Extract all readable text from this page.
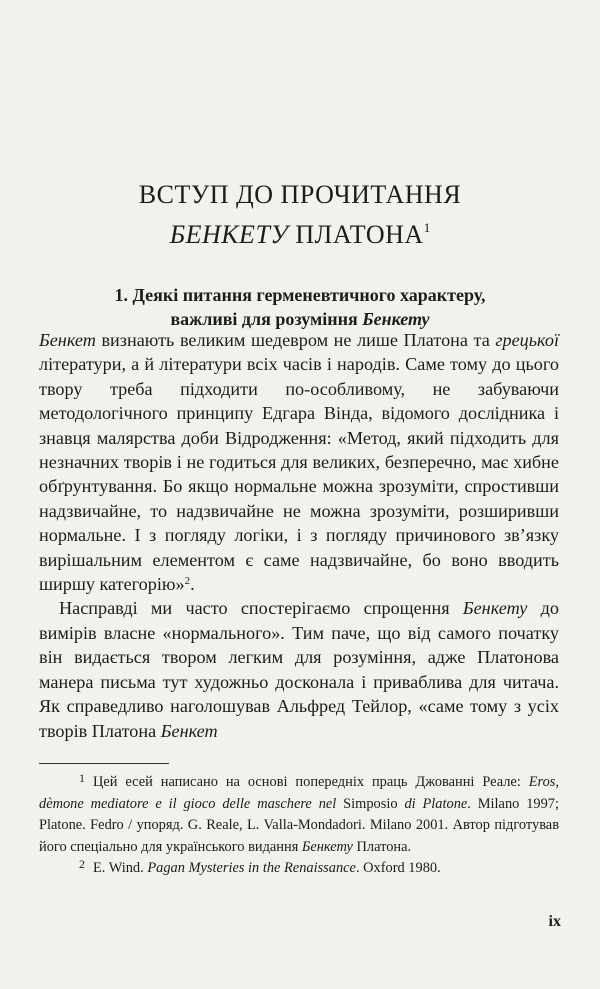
ВСТУП ДО ПРОЧИТАННЯ
БЕНКЕТУ ПЛАТОНА$^1$
1. Деякі питання герменевтичного характеру,
важливі для розуміння Бенкету

Бенкет визнають великим шедевром не лише Платона та грецької літератури, а й літератури всіх часів і народів. Саме тому до цього твору треба підходити по-особливому, не забуваючи методологічного принципу Едгара Вінда, відомого дослідника і знавця малярства доби Відродження: «Метод, який підходить для незначних творів і не годиться для великих, безперечно, має хибне обґрунтування. Бо якщо нормальне можна зрозуміти, спростивши надзвичайне, то надзвичайне не можна зрозуміти, розширивши нормальне. І з погляду логіки, і з погляду причинового зв’язку вирішальним елементом є саме надзвичайне, бо воно вводить ширшу категорію»$^2$.

Насправді ми часто спостерігаємо спрощення Бенкету до вимірів власне «нормального». Тим паче, що від самого початку він видається твором легким для розуміння, адже Платонова манера письма тут художньо досконала і приваблива для читача. Як справедливо наголошував Альфред Тейлор, «саме тому з усіх творів Платона Бенкет

1 Цей есей написано на основі попередніх праць Джованні Реале: Eros, dèmone mediatore e il gioco delle maschere nel Simposio di Platone. Milano 1997; Platone. Fedro / упоряд. G. Reale, L. Valla-Mondadori. Milano 2001. Автор підготував його спеціально для українського видання Бенкету Платона.

2 E. Wind. Pagan Mysteries in the Renaissance. Oxford 1980.

ix
